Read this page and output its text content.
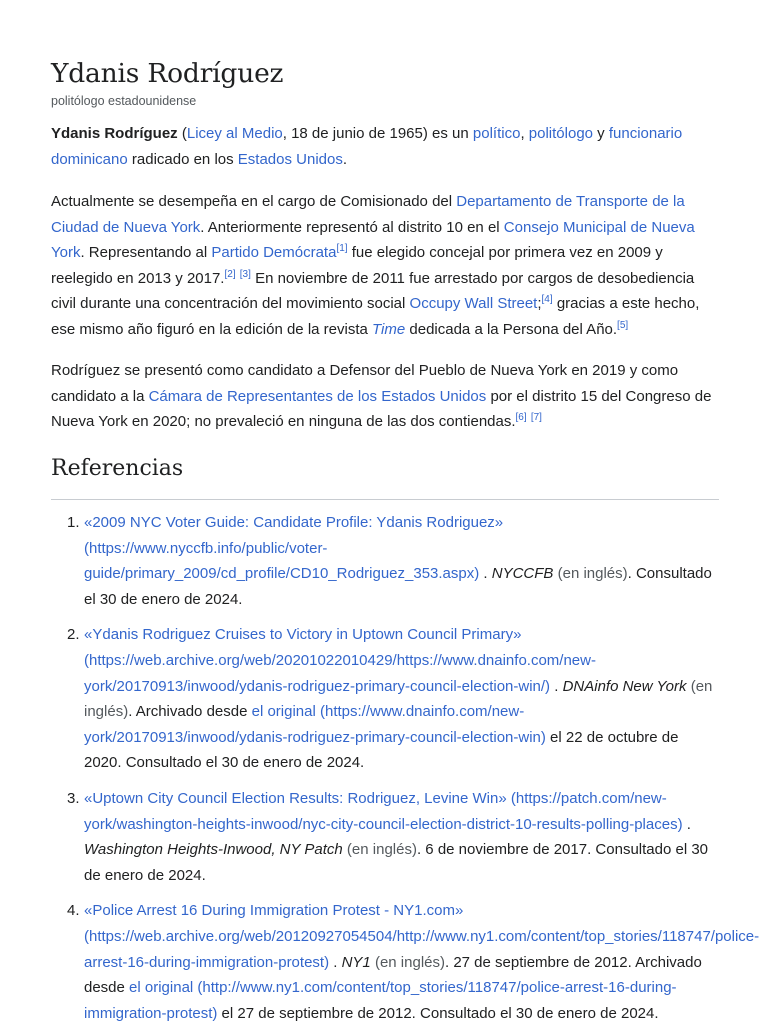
Ydanis Rodríguez
politólogo estadounidense

Ydanis Rodríguez (Licey al Medio, 18 de junio de 1965) es un político, politólogo y funcionario
dominicano radicado en los Estados Unidos.

Actualmente se desempeña en el cargo de Comisionado del Departamento de Transporte de la Ciudad de Nueva York. Anteriormente representó al distrito 10 en el Consejo Municipal de Nueva York. Representando al Partido Demócrata[1] fue elegido concejal por primera vez en 2009 y reelegido en 2013 y 2017.[2] [3] En noviembre de 2011 fue arrestado por cargos de desobediencia civil durante una concentración del movimiento social Occupy Wall Street;[4] gracias a este hecho, ese mismo año figuró en la edición de la revista Time dedicada a la Persona del Año.[5]

Rodríguez se presentó como candidato a Defensor del Pueblo de Nueva York en 2019 y como candidato a la Cámara de Representantes de los Estados Unidos por el distrito 15 del Congreso de Nueva York en 2020; no prevaleció en ninguna de las dos contiendas.[6] [7]

Referencias
1. «2009 NYC Voter Guide: Candidate Profile: Ydanis Rodriguez» (https://www.nyccfb.info/public/voter-guide/primary_2009/cd_profile/CD10_Rodriguez_353.aspx) . NYCCFB (en inglés). Consultado el 30 de enero de 2024.
2. «Ydanis Rodriguez Cruises to Victory in Uptown Council Primary» (https://web.archive.org/web/20201022010429/https://www.dnainfo.com/new-york/20170913/inwood/ydanis-rodriguez-primary-council-election-win/) . DNAinfo New York (en inglés). Archivado desde el original (https://www.dnainfo.com/new-york/20170913/inwood/ydanis-rodriguez-primary-council-election-win) el 22 de octubre de 2020. Consultado el 30 de enero de 2024.
3. «Uptown City Council Election Results: Rodriguez, Levine Win» (https://patch.com/new-york/washington-heights-inwood/nyc-city-council-election-district-10-results-polling-places) .
Washington Heights-Inwood, NY Patch (en inglés). 6 de noviembre de 2017. Consultado el 30 de enero de 2024.
4. «Police Arrest 16 During Immigration Protest - NY1.com» (https://web.archive.org/web/20120927054504/http://www.ny1.com/content/top_stories/118747/police-arrest-16-during-immigration-protest) . NY1 (en inglés). 27 de septiembre de 2012. Archivado desde el original (http://www.ny1.com/content/top_stories/118747/police-arrest-16-during-immigration-protest) el 27 de septiembre de 2012. Consultado el 30 de enero de 2024.
